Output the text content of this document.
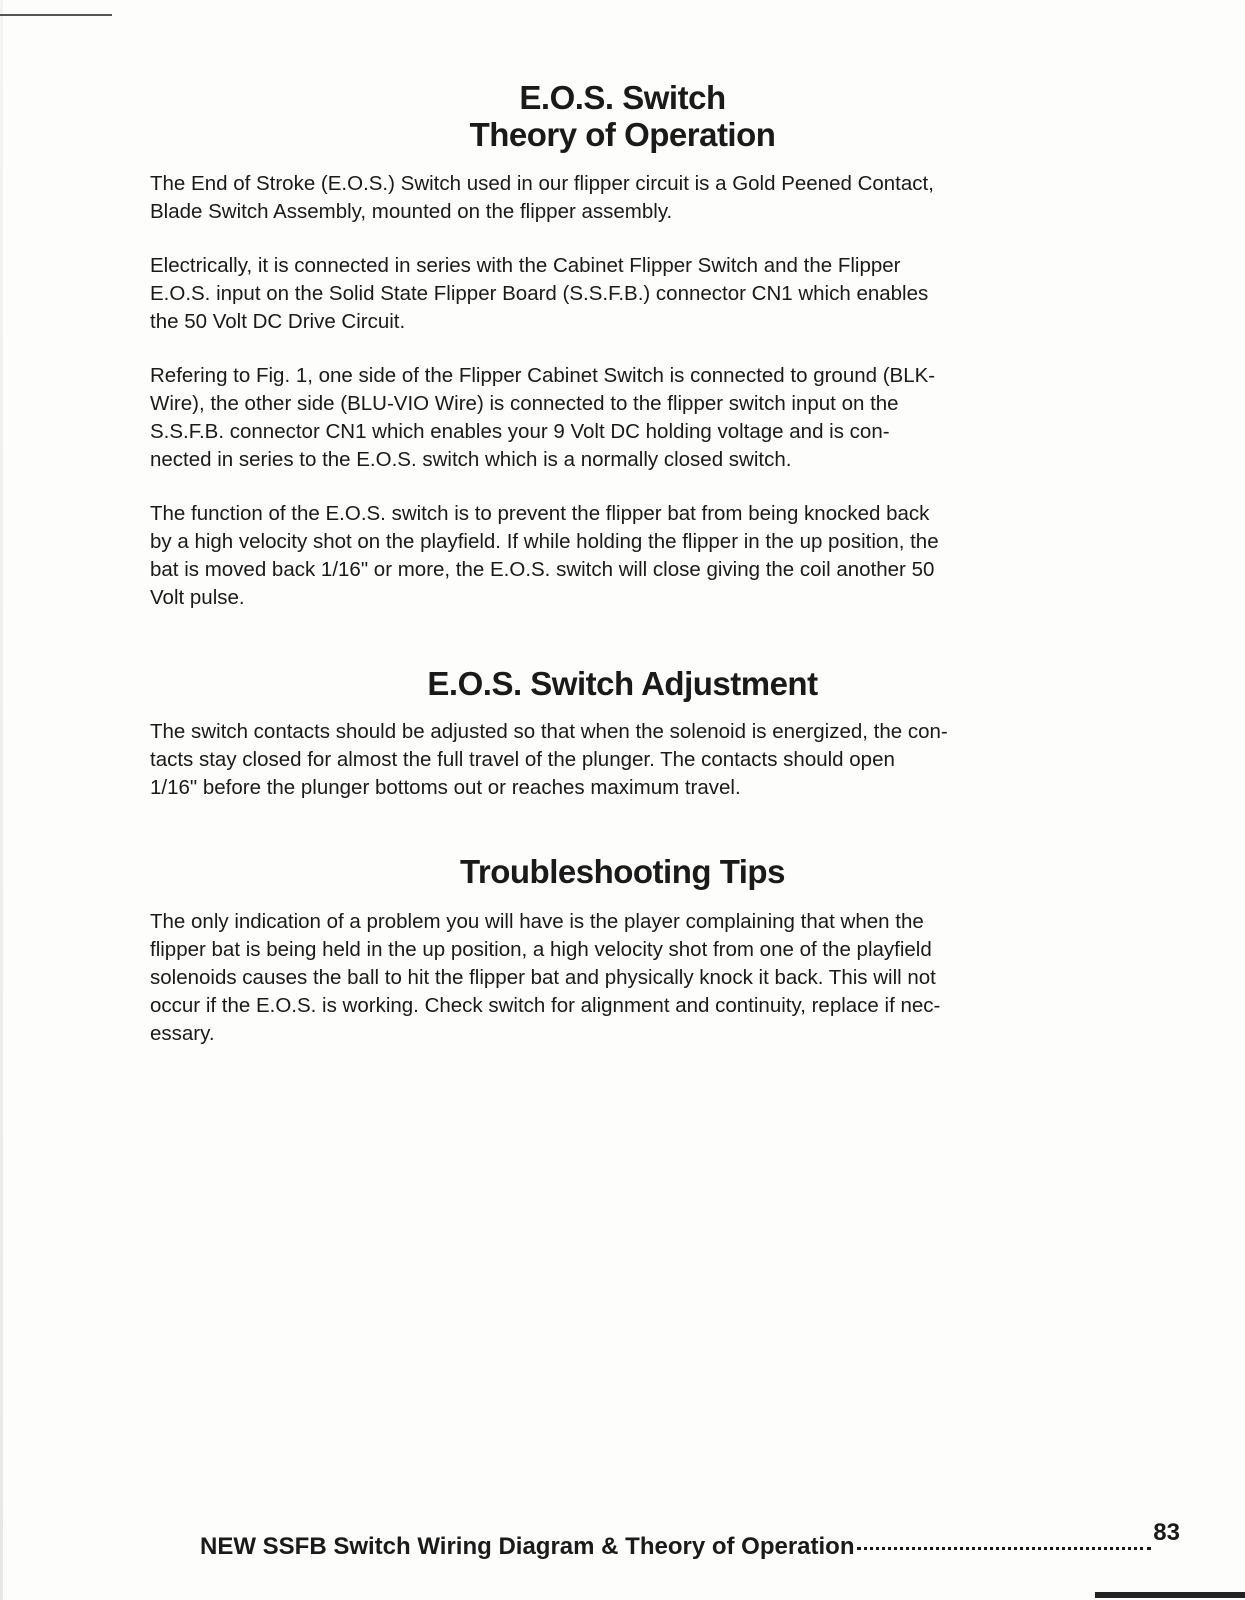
E.O.S. Switch
Theory of Operation

The End of Stroke (E.O.S.) Switch used in our flipper circuit is a Gold Peened Contact,
Blade Switch Assembly, mounted on the flipper assembly.

Electrically, it is connected in series with the Cabinet Flipper Switch and the Flipper
E.O.S. input on the Solid State Flipper Board (S.S.F.B.) connector CN1 which enables
the 50 Volt DC Drive Circuit.

Refering to Fig. 1, one side of the Flipper Cabinet Switch is connected to ground (BLK-
Wire), the other side (BLU-VIO Wire) is connected to the flipper switch input on the
S.S.F.B. connector CN1 which enables your 9 Volt DC holding voltage and is con-
nected in series to the E.O.S. switch which is a normally closed switch.

The function of the E.O.S. switch is to prevent the flipper bat from being knocked back
by a high velocity shot on the playfield. If while holding the flipper in the up position, the
bat is moved back 1/16" or more, the E.O.S. switch will close giving the coil another 50
Volt pulse.

E.O.S. Switch Adjustment

The switch contacts should be adjusted so that when the solenoid is energized, the con-
tacts stay closed for almost the full travel of the plunger. The contacts should open
1/16" before the plunger bottoms out or reaches maximum travel.

Troubleshooting Tips

The only indication of a problem you will have is the player complaining that when the
flipper bat is being held in the up position, a high velocity shot from one of the playfield
solenoids causes the ball to hit the flipper bat and physically knock it back. This will not
occur if the E.O.S. is working. Check switch for alignment and continuity, replace if nec-
essary.

NEW SSFB Switch Wiring Diagram & Theory of Operation
83
